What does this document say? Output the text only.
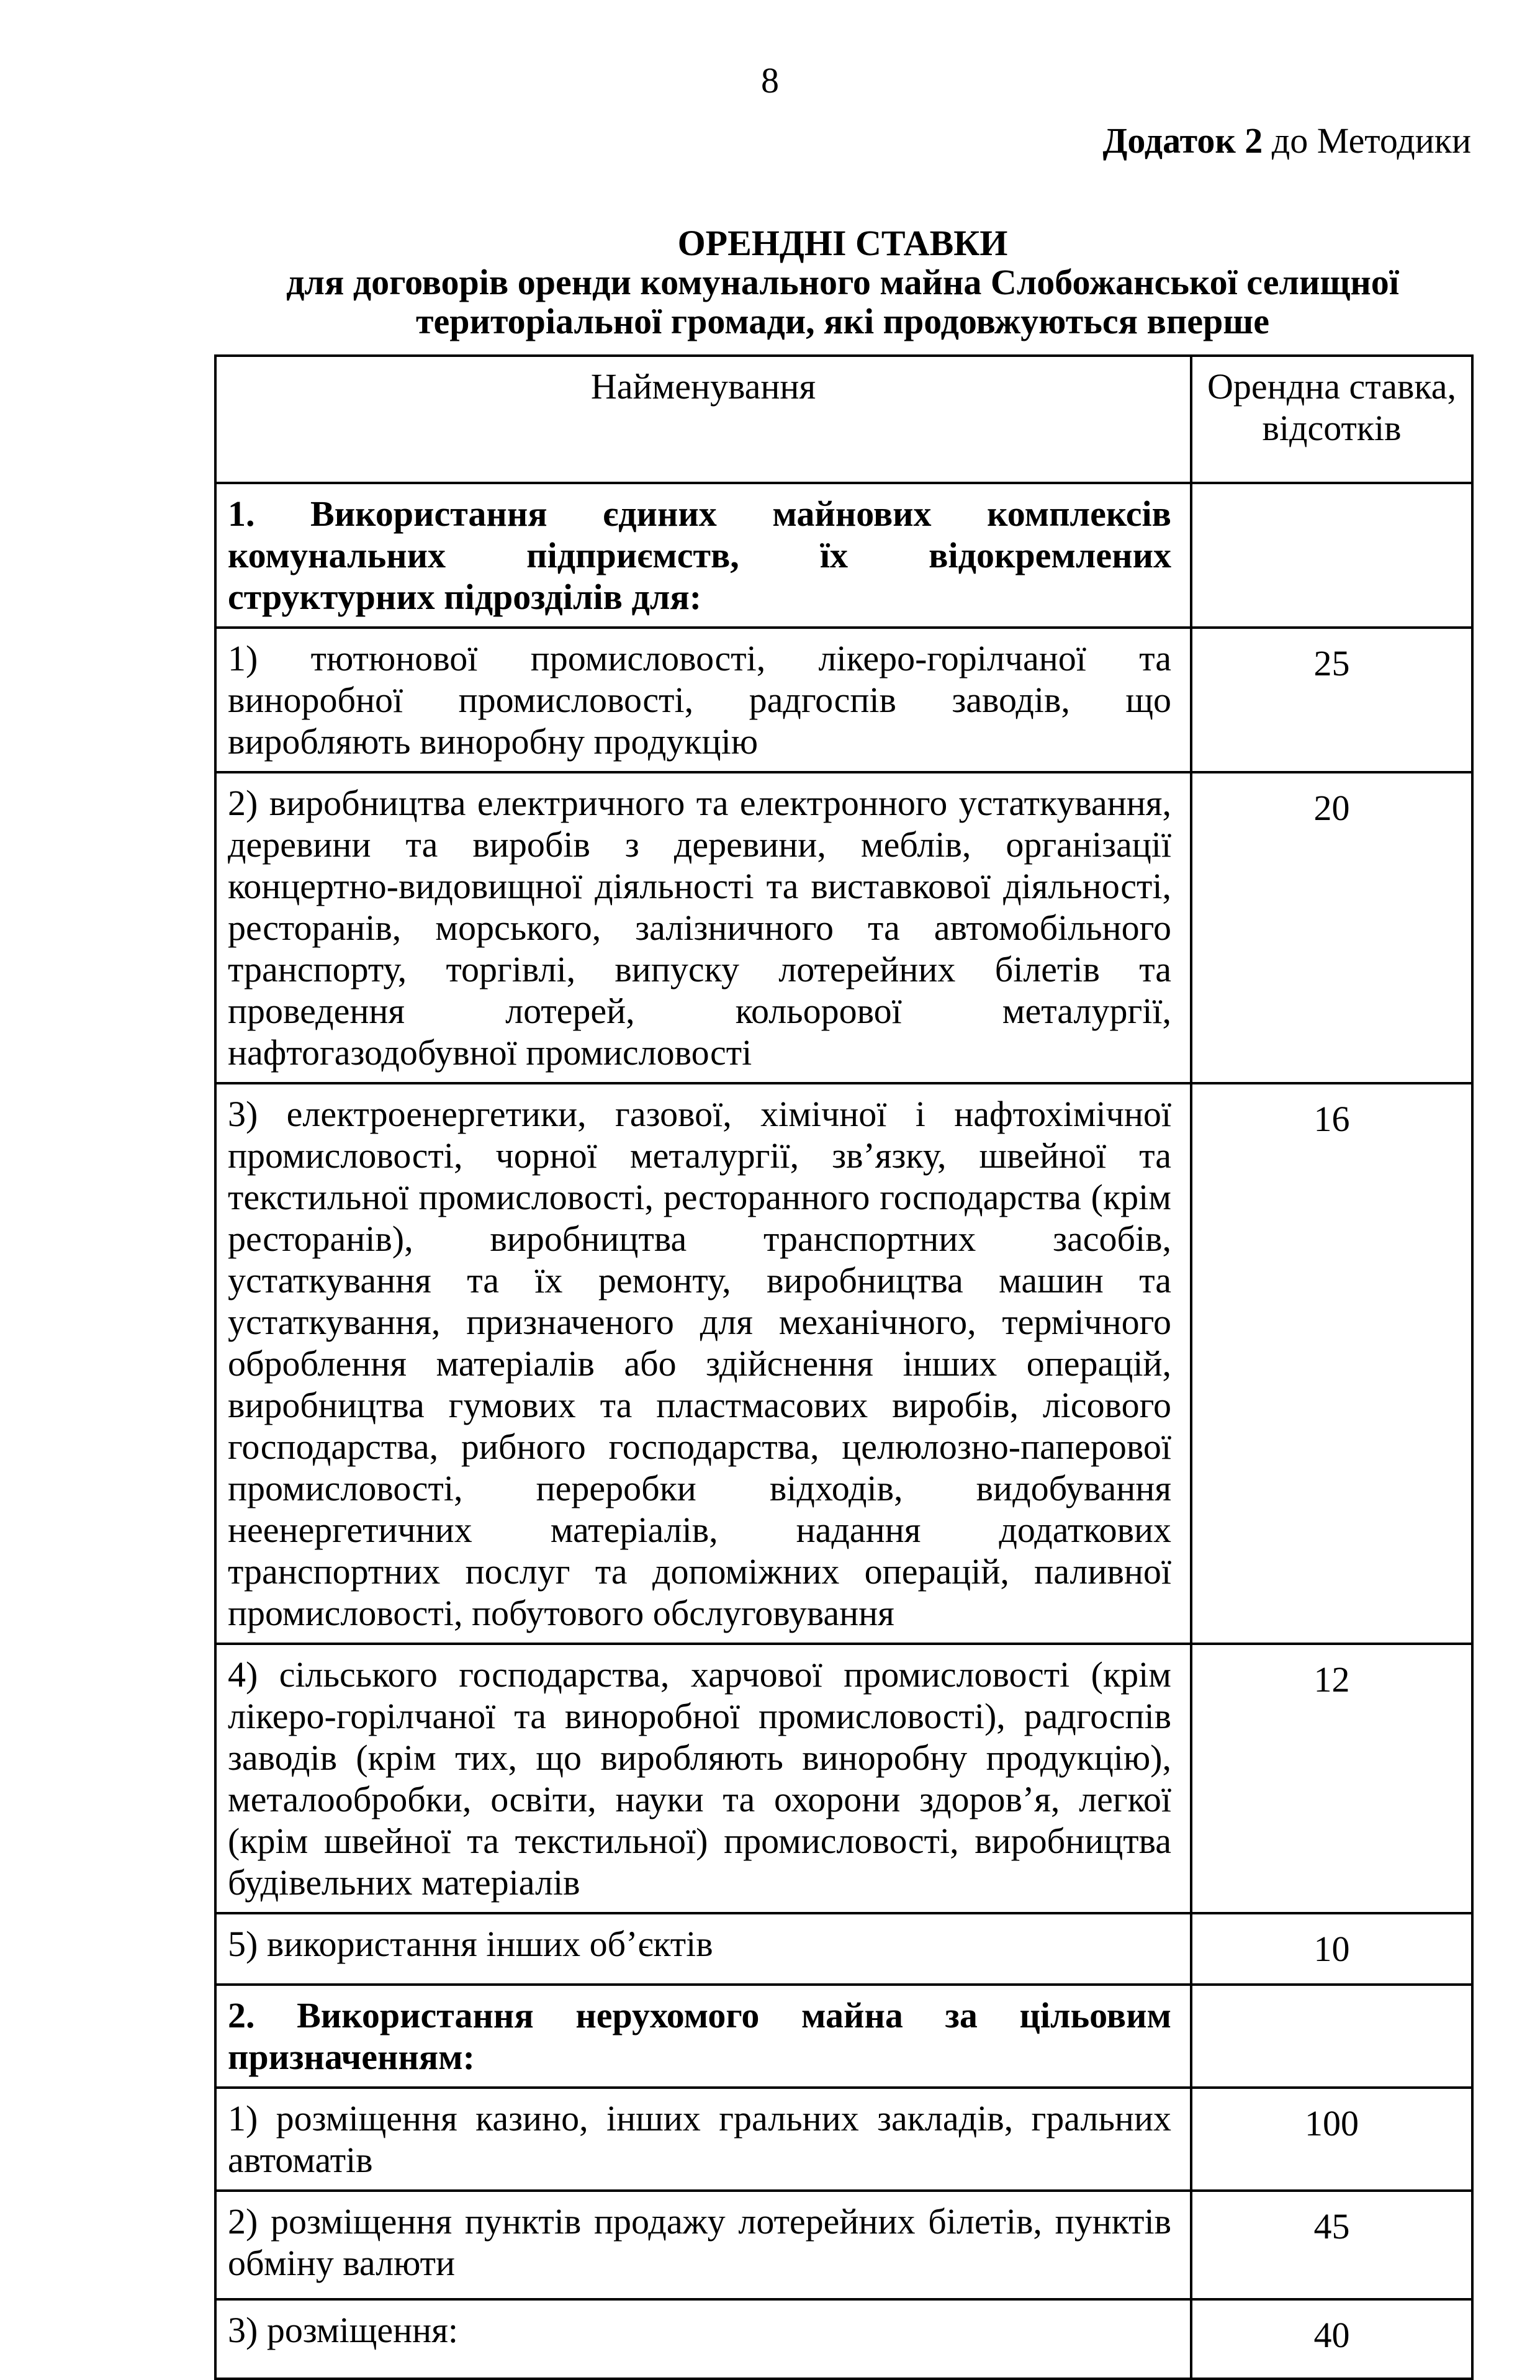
8
Додаток 2 до Методики
ОРЕНДНІ СТАВКИ
для договорів оренди комунального майна Слобожанської селищної
територіальної громади, які продовжуються вперше
Найменування	Орендна ставка,
відсотків

1. Використання єдиних майнових комплексів комунальних підприємств, їх відокремлених структурних підрозділів для:	
1) тютюнової промисловості, лікеро-горілчаної та виноробної промисловості, радгоспів заводів, що виробляють виноробну продукцію	25
2) виробництва електричного та електронного устаткування, деревини та виробів з деревини, меблів, організації концертно-видовищної діяльності та виставкової діяльності, ресторанів, морського, залізничного та автомобільного транспорту, торгівлі, випуску лотерейних білетів та проведення лотерей, кольорової металургії, нафтогазодобувної промисловості	20
3) електроенергетики, газової, хімічної і нафтохімічної промисловості, чорної металургії, зв’язку, швейної та текстильної промисловості, ресторанного господарства (крім ресторанів), виробництва транспортних засобів, устаткування та їх ремонту, виробництва машин та устаткування, призначеного для механічного, термічного оброблення матеріалів або здійснення інших операцій, виробництва гумових та пластмасових виробів, лісового господарства, рибного господарства, целюлозно-паперової промисловості, переробки відходів, видобування неенергетичних матеріалів, надання додаткових транспортних послуг та допоміжних операцій, паливної промисловості, побутового обслуговування	16
4) сільського господарства, харчової промисловості (крім лікеро-горілчаної та виноробної промисловості), радгоспів заводів (крім тих, що виробляють виноробну продукцію), металообробки, освіти, науки та охорони здоров’я, легкої (крім швейної та текстильної) промисловості, виробництва будівельних матеріалів	12
5) використання інших об’єктів	10
2. Використання нерухомого майна за цільовим призначенням:	
1) розміщення казино, інших гральних закладів, гральних автоматів	100
2) розміщення пунктів продажу лотерейних білетів, пунктів обміну валюти	45
3) розміщення:	40
